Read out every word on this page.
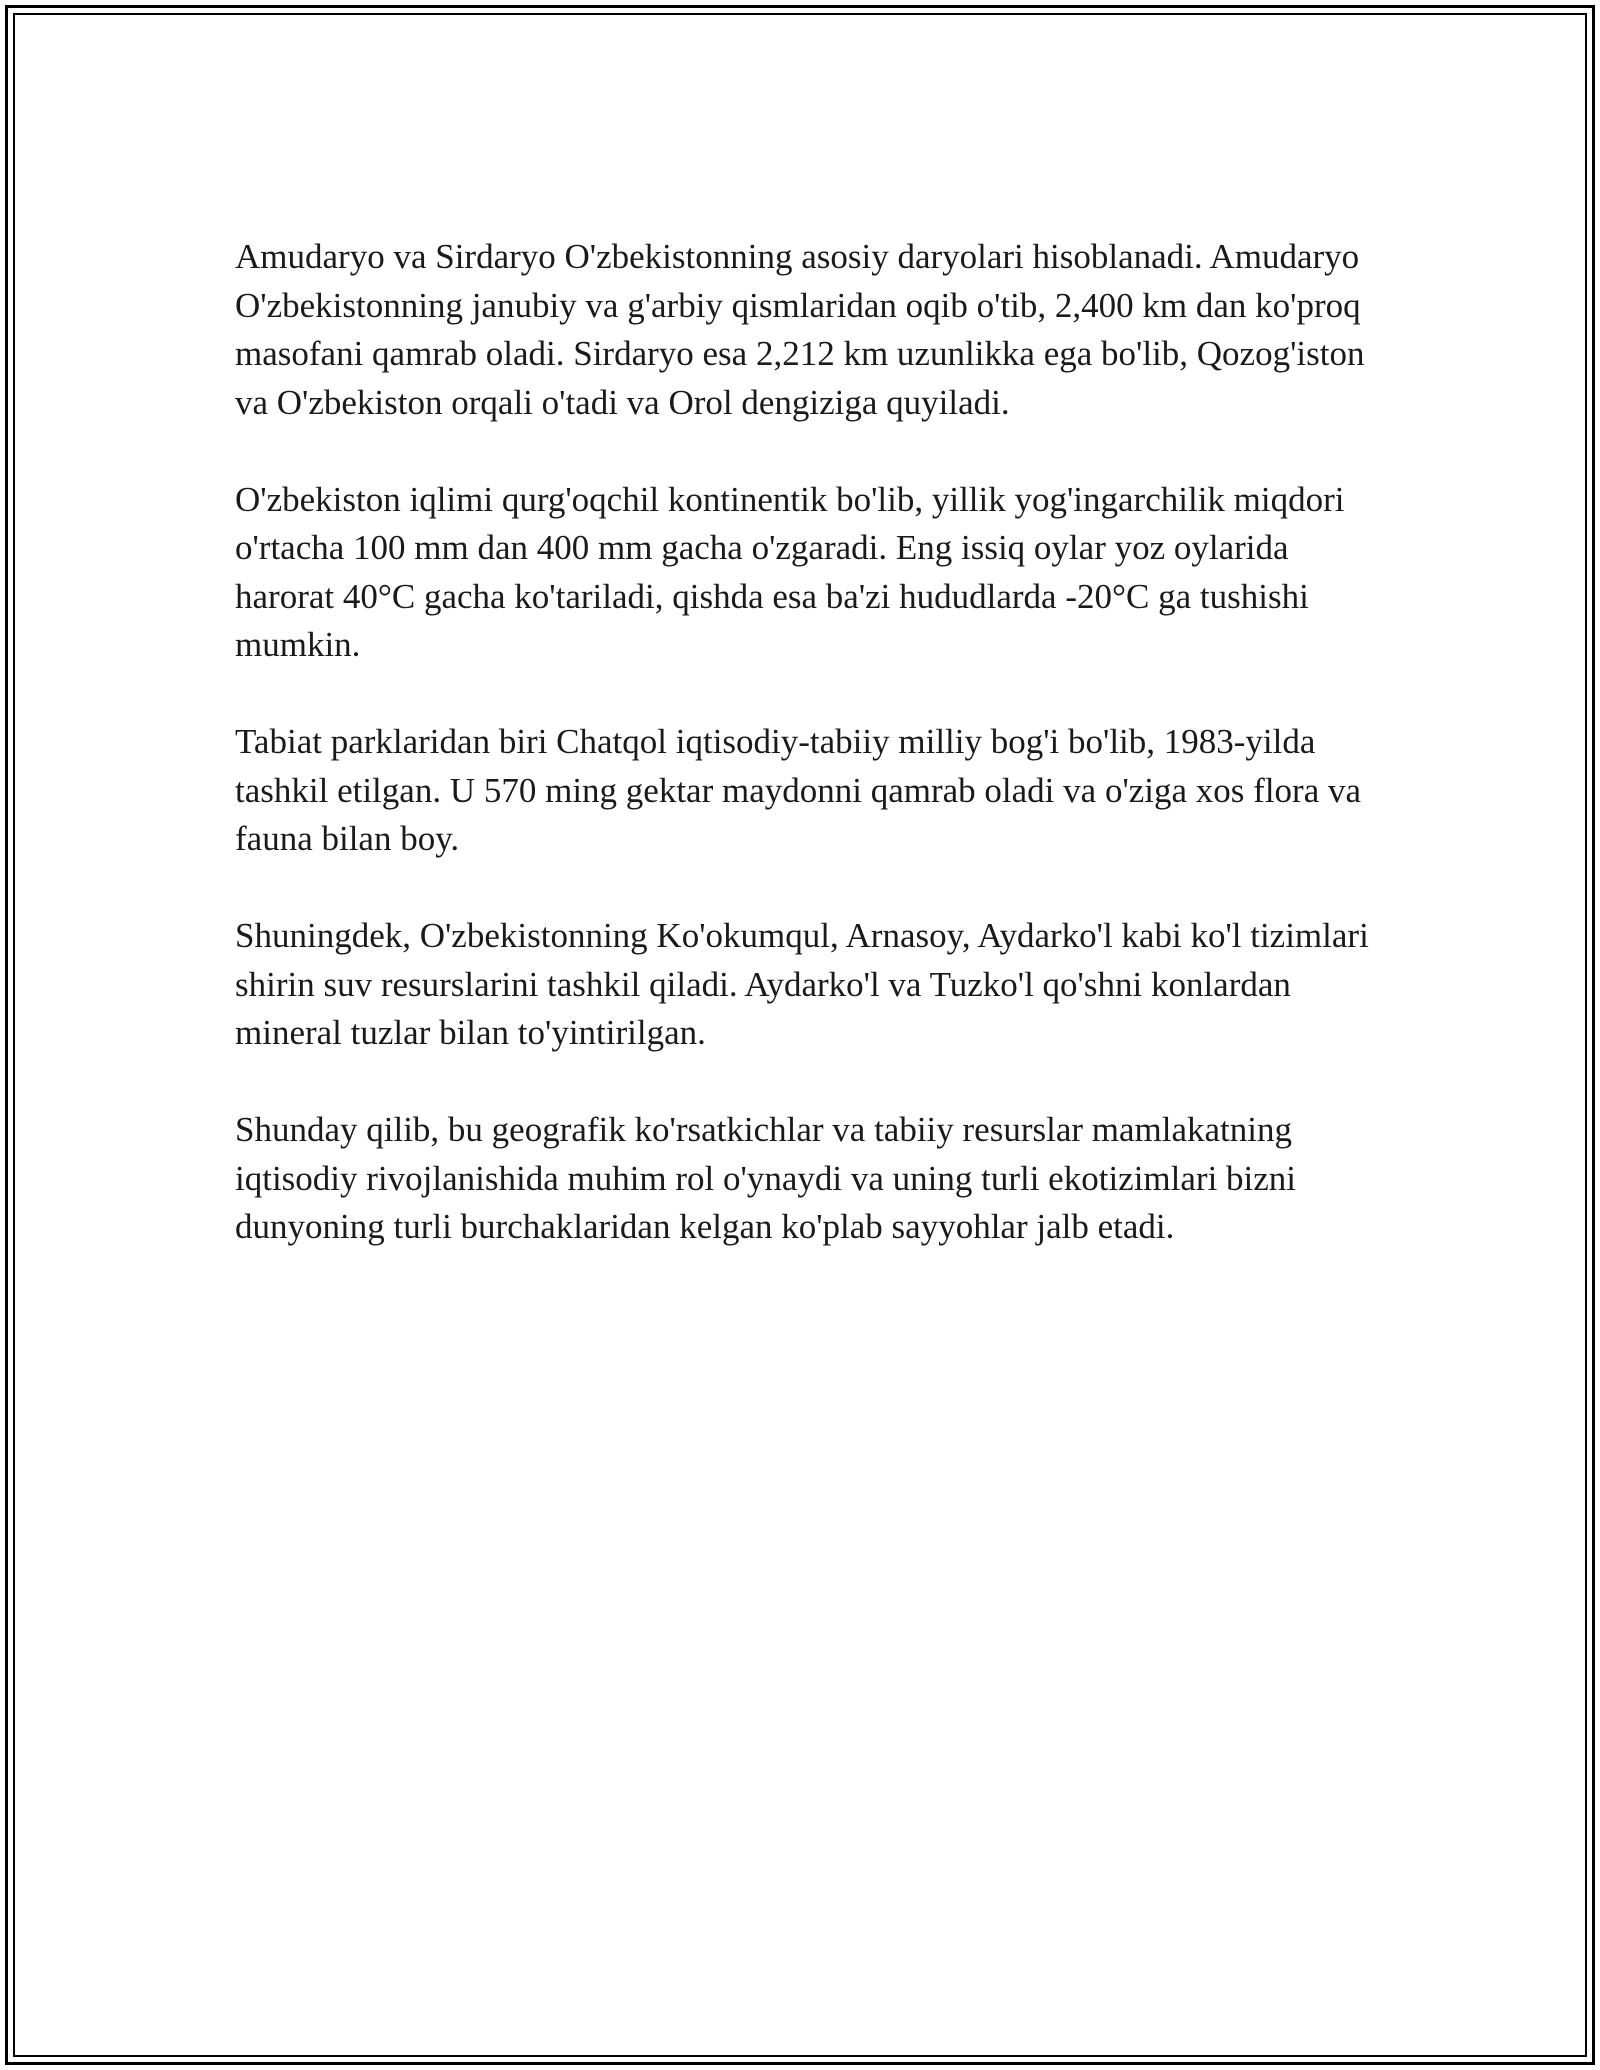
Amudaryo va Sirdaryo O'zbekistonning asosiy daryolari hisoblanadi. Amudaryo O'zbekistonning janubiy va g'arbiy qismlaridan oqib o'tib, 2,400 km dan ko'proq masofani qamrab oladi. Sirdaryo esa 2,212 km uzunlikka ega bo'lib, Qozog'iston va O'zbekiston orqali o'tadi va Orol dengiziga quyiladi.

O'zbekiston iqlimi qurg'oqchil kontinentik bo'lib, yillik yog'ingarchilik miqdori o'rtacha 100 mm dan 400 mm gacha o'zgaradi. Eng issiq oylar yoz oylarida harorat 40°C gacha ko'tariladi, qishda esa ba'zi hududlarda -20°C ga tushishi mumkin.

Tabiat parklaridan biri Chatqol iqtisodiy-tabiiy milliy bog'i bo'lib, 1983-yilda tashkil etilgan. U 570 ming gektar maydonni qamrab oladi va o'ziga xos flora va fauna bilan boy.

Shuningdek, O'zbekistonning Ko'okumqul, Arnasoy, Aydarko'l kabi ko'l tizimlari shirin suv resurslarini tashkil qiladi. Aydarko'l va Tuzko'l qo'shni konlardan mineral tuzlar bilan to'yintirilgan.

Shunday qilib, bu geografik ko'rsatkichlar va tabiiy resurslar mamlakatning iqtisodiy rivojlanishida muhim rol o'ynaydi va uning turli ekotizimlari bizni dunyoning turli burchaklaridan kelgan ko'plab sayyohlar jalb etadi.
